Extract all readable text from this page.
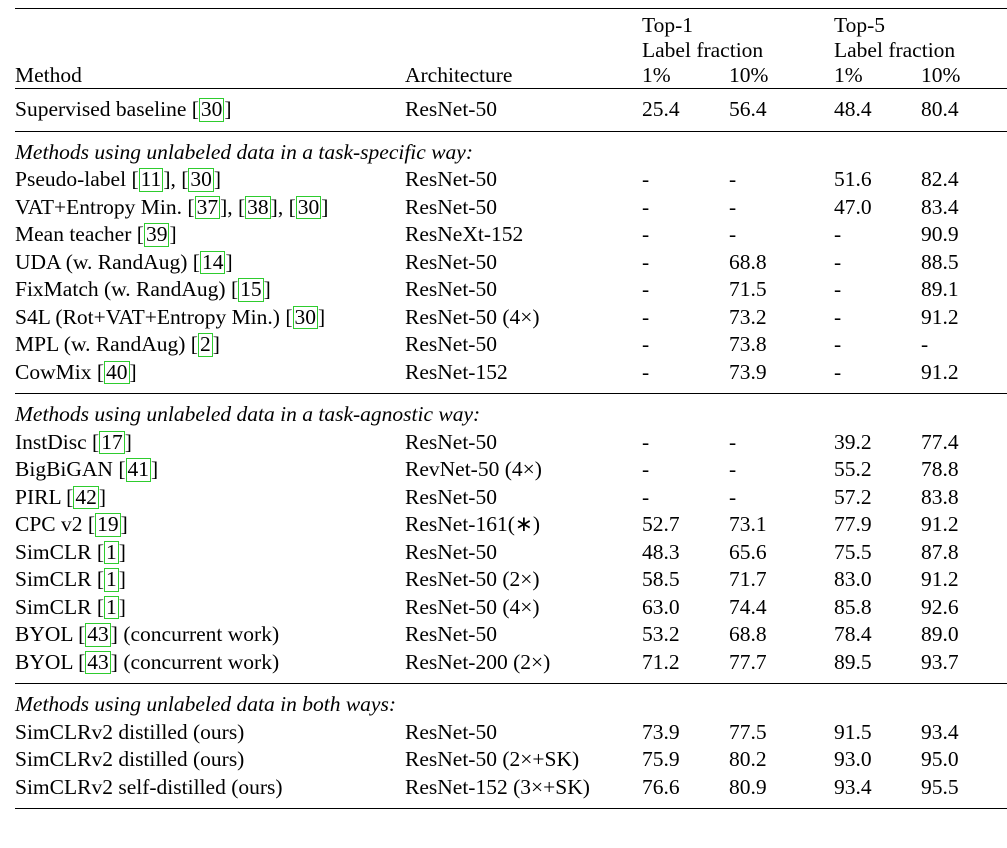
Method	Architecture	Top-1			Top-5	
		Label fraction			Label fraction	
		1%	10%		1%	10%

Supervised baseline [30]	ResNet-50	25.4	56.4		48.4	80.4

Methods using unlabeled data in a task-specific way:						
Pseudo-label [11], [30]	ResNet-50	-	-		51.6	82.4
VAT+Entropy Min. [37], [38], [30]	ResNet-50	-	-		47.0	83.4
Mean teacher [39]	ResNeXt-152	-	-		-	90.9
UDA (w. RandAug) [14]	ResNet-50	-	68.8		-	88.5
FixMatch (w. RandAug) [15]	ResNet-50	-	71.5		-	89.1
S4L (Rot+VAT+Entropy Min.) [30]	ResNet-50 (4×)	-	73.2		-	91.2
MPL (w. RandAug) [2]	ResNet-50	-	73.8		-	-
CowMix [40]	ResNet-152	-	73.9		-	91.2

Methods using unlabeled data in a task-agnostic way:						
InstDisc [17]	ResNet-50	-	-		39.2	77.4
BigBiGAN [41]	RevNet-50 (4×)	-	-		55.2	78.8
PIRL [42]	ResNet-50	-	-		57.2	83.8
CPC v2 [19]	ResNet-161(∗)	52.7	73.1		77.9	91.2
SimCLR [1]	ResNet-50	48.3	65.6		75.5	87.8
SimCLR [1]	ResNet-50 (2×)	58.5	71.7		83.0	91.2
SimCLR [1]	ResNet-50 (4×)	63.0	74.4		85.8	92.6
BYOL [43] (concurrent work)	ResNet-50	53.2	68.8		78.4	89.0
BYOL [43] (concurrent work)	ResNet-200 (2×)	71.2	77.7		89.5	93.7

Methods using unlabeled data in both ways:						
SimCLRv2 distilled (ours)	ResNet-50	73.9	77.5		91.5	93.4
SimCLRv2 distilled (ours)	ResNet-50 (2×+SK)	75.9	80.2		93.0	95.0
SimCLRv2 self-distilled (ours)	ResNet-152 (3×+SK)	76.6	80.9		93.4	95.5
